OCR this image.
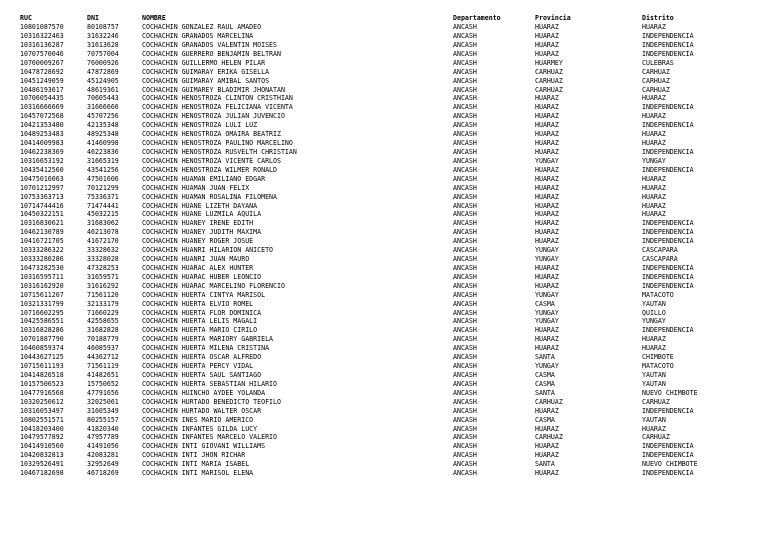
RUC	DNI	NOMBRE	Departamento	Provincia	Distrito
10801087570	80108757	COCHACHIN GONZALEZ RAUL AMADEO	ANCASH	HUARAZ	HUARAZ
10316322463	31632246	COCHACHIN GRANADOS MARCELINA	ANCASH	HUARAZ	INDEPENDENCIA
10316136287	31613628	COCHACHIN GRANADOS VALENTIN MOISES	ANCASH	HUARAZ	INDEPENDENCIA
10707570046	70757004	COCHACHIN GUERRERO BENJAMIN BELTRAN	ANCASH	HUARAZ	INDEPENDENCIA
10760009267	76000926	COCHACHIN GUILLERMO HELEN PILAR	ANCASH	HUARMEY	CULEBRAS
10478728692	47872869	COCHACHIN GUIMARAY ERIKA GISELLA	ANCASH	CARHUAZ	CARHUAZ
10451249059	45124905	COCHACHIN GUIMARAY AMIBAL SANTOS	ANCASH	CARHUAZ	CARHUAZ
10486193617	48619361	COCHACHIN GUIMAREY BLADIMIR JHONATAN	ANCASH	CARHUAZ	CARHUAZ
10706054435	70605443	COCHACHIN HENOSTROZA CLINTON CRISTHIAN	ANCASH	HUARAZ	HUARAZ
10316666669	31666666	COCHACHIN HENOSTROZA FELICIANA VICENTA	ANCASH	HUARAZ	INDEPENDENCIA
10457072568	45707256	COCHACHIN HENOSTROZA JULIAN JUVENCIO	ANCASH	HUARAZ	HUARAZ
10421353480	42135348	COCHACHIN HENOSTROZA LULI LUZ	ANCASH	HUARAZ	INDEPENDENCIA
10489253483	48925348	COCHACHIN HENOSTROZA OMAIRA BEATRIZ	ANCASH	HUARAZ	HUARAZ
10414609983	41460998	COCHACHIN HENOSTROZA PAULINO MARCELINO	ANCASH	HUARAZ	HUARAZ
10462238369	46223836	COCHACHIN HENOSTROZA RUSVELTH CHRISTIAN	ANCASH	HUARAZ	INDEPENDENCIA
10316653192	31665319	COCHACHIN HENOSTROZA VICENTE CARLOS	ANCASH	YUNGAY	YUNGAY
10435412560	43541256	COCHACHIN HENOSTROZA WILMER RONALD	ANCASH	HUARAZ	INDEPENDENCIA
10475016063	47501606	COCHACHIN HUAMAN EMILIANO EDGAR	ANCASH	HUARAZ	HUARAZ
10701212997	70121299	COCHACHIN HUAMAN JUAN FELIX	ANCASH	HUARAZ	HUARAZ
10753363713	75336371	COCHACHIN HUAMAN ROSALINA FILOMENA	ANCASH	HUARAZ	HUARAZ
10714744416	71474441	COCHACHIN HUANE LIZETH DAYANA	ANCASH	HUARAZ	HUARAZ
10450322151	45032215	COCHACHIN HUANE LUZMILA AQUILA	ANCASH	HUARAZ	HUARAZ
10316830621	31683062	COCHACHIN HUANEY IRENE EDITH	ANCASH	HUARAZ	INDEPENDENCIA
10462130789	46213078	COCHACHIN HUANEY JUDITH MAXIMA	ANCASH	HUARAZ	INDEPENDENCIA
10416721705	41672170	COCHACHIN HUANEY ROGER JOSUE	ANCASH	HUARAZ	INDEPENDENCIA
10333286322	33328632	COCHACHIN HUANRI HILARION ANICETO	ANCASH	YUNGAY	CASCAPARA
10333280286	33328028	COCHACHIN HUANRI JUAN MAURO	ANCASH	YUNGAY	CASCAPARA
10473282530	47328253	COCHACHIN HUARAC ALEX HUNTER	ANCASH	HUARAZ	INDEPENDENCIA
10316595711	31659571	COCHACHIN HUARAC HUBER LEONCIO	ANCASH	HUARAZ	INDEPENDENCIA
10316162920	31616292	COCHACHIN HUARAC MARCELINO FLORENCIO	ANCASH	HUARAZ	INDEPENDENCIA
10715611207	71561120	COCHACHIN HUERTA CINTYA MARISOL	ANCASH	YUNGAY	MATACOTO
10321331799	32133179	COCHACHIN HUERTA ELVIO ROMEL	ANCASH	CASMA	YAUTAN
10716602295	71660229	COCHACHIN HUERTA FLOR DOMINICA	ANCASH	YUNGAY	QUILLO
10425586551	42558655	COCHACHIN HUERTA LELIS MAGALI	ANCASH	YUNGAY	YUNGAY
10316828286	31682828	COCHACHIN HUERTA MARIO CIRILO	ANCASH	HUARAZ	INDEPENDENCIA
10701887790	70188779	COCHACHIN HUERTA MARIORY GABRIELA	ANCASH	HUARAZ	HUARAZ
10460859374	46085937	COCHACHIN HUERTA MILENA CRISTINA	ANCASH	HUARAZ	HUARAZ
10443627125	44362712	COCHACHIN HUERTA OSCAR ALFREDO	ANCASH	SANTA	CHIMBOTE
10715611193	71561119	COCHACHIN HUERTA PERCY VIDAL	ANCASH	YUNGAY	MATACOTO
10414826518	41482651	COCHACHIN HUERTA SAUL SANTIAGO	ANCASH	CASMA	YAUTAN
10157506523	15750652	COCHACHIN HUERTA SEBASTIAN HILARIO	ANCASH	CASMA	YAUTAN
10477916568	47791656	COCHACHIN HUINCHO AYDEE YOLANDA	ANCASH	SANTA	NUEVO CHIMBOTE
10320250612	32025061	COCHACHIN HURTADO BENEDICTO TEOFILO	ANCASH	CARHUAZ	CARHUAZ
10316053497	31605349	COCHACHIN HURTADO WALTER OSCAR	ANCASH	HUARAZ	INDEPENDENCIA
10802551571	80255157	COCHACHIN INES MARIO AMERICO	ANCASH	CASMA	YAUTAN
10418203400	41820340	COCHACHIN INFANTES GILDA LUCY	ANCASH	HUARAZ	HUARAZ
10479577892	47957789	COCHACHIN INFANTES MARCELO VALERIO	ANCASH	CARHUAZ	CARHUAZ
10414910560	41491056	COCHACHIN INTI GIOVANI WILLIAMS	ANCASH	HUARAZ	INDEPENDENCIA
10420832813	42083281	COCHACHIN INTI JHON RICHAR	ANCASH	HUARAZ	INDEPENDENCIA
10329526491	32952649	COCHACHIN INTI MARIA ISABEL	ANCASH	SANTA	NUEVO CHIMBOTE
10467182698	46718269	COCHACHIN INTI MARISOL ELENA	ANCASH	HUARAZ	INDEPENDENCIA
